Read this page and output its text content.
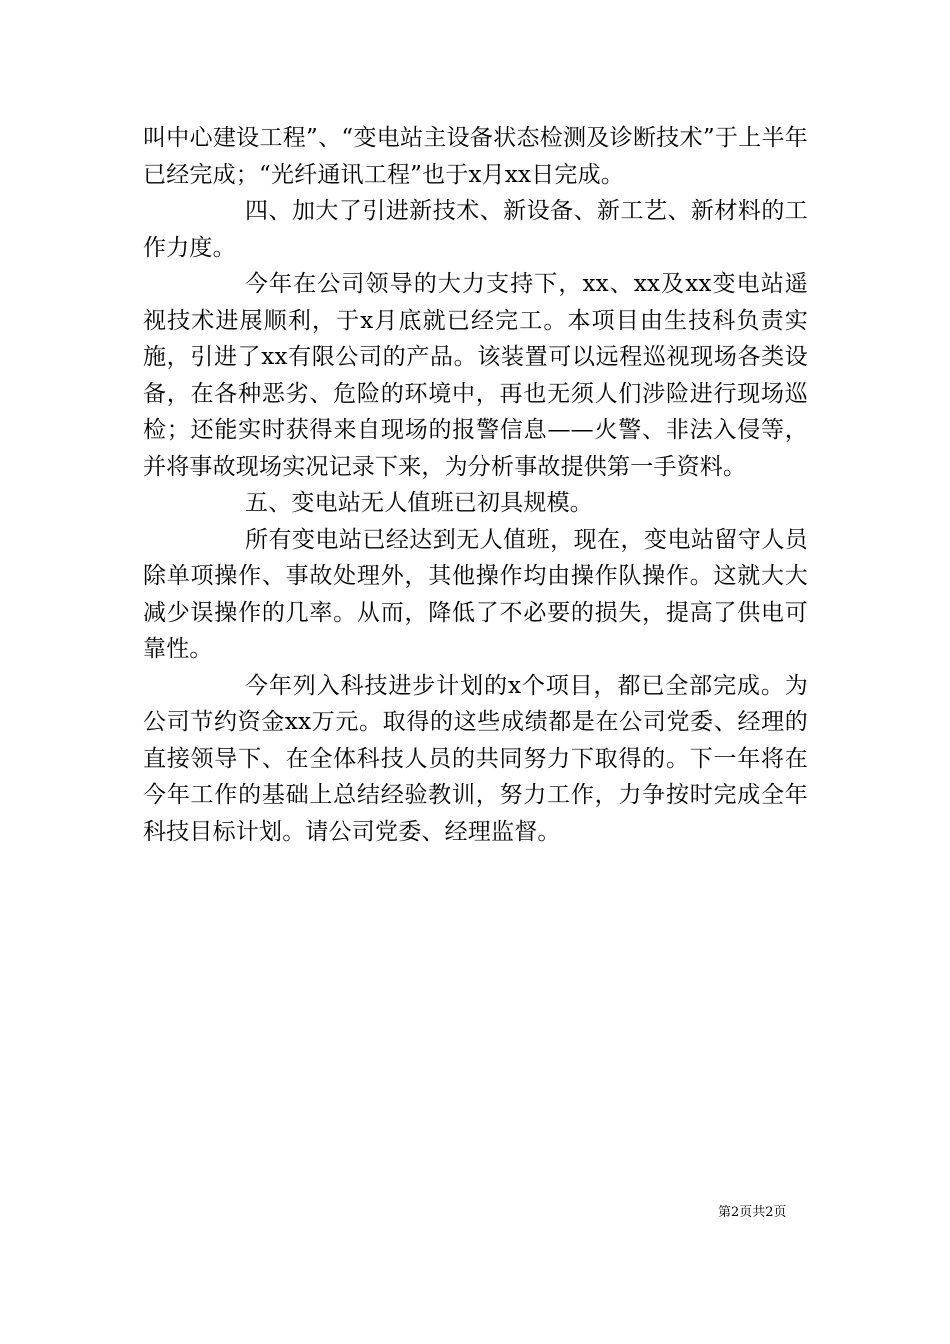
叫中心建设工程”、“变电站主设备状态检测及诊断技术”于上半年已经完成；“光纤通讯工程”也于x月xx日完成。

四、加大了引进新技术、新设备、新工艺、新材料的工作力度。

今年在公司领导的大力支持下，xx、xx及xx变电站遥视技术进展顺利，于x月底就已经完工。本项目由生技科负责实施，引进了xx有限公司的产品。该装置可以远程巡视现场各类设备，在各种恶劣、危险的环境中，再也无须人们涉险进行现场巡检；还能实时获得来自现场的报警信息——火警、非法入侵等，并将事故现场实况记录下来，为分析事故提供第一手资料。

五、变电站无人值班已初具规模。

所有变电站已经达到无人值班，现在，变电站留守人员除单项操作、事故处理外，其他操作均由操作队操作。这就大大减少误操作的几率。从而，降低了不必要的损失，提高了供电可靠性。

今年列入科技进步计划的x个项目，都已全部完成。为公司节约资金xx万元。取得的这些成绩都是在公司党委、经理的直接领导下、在全体科技人员的共同努力下取得的。下一年将在今年工作的基础上总结经验教训，努力工作，力争按时完成全年科技目标计划。请公司党委、经理监督。

第2页共2页
